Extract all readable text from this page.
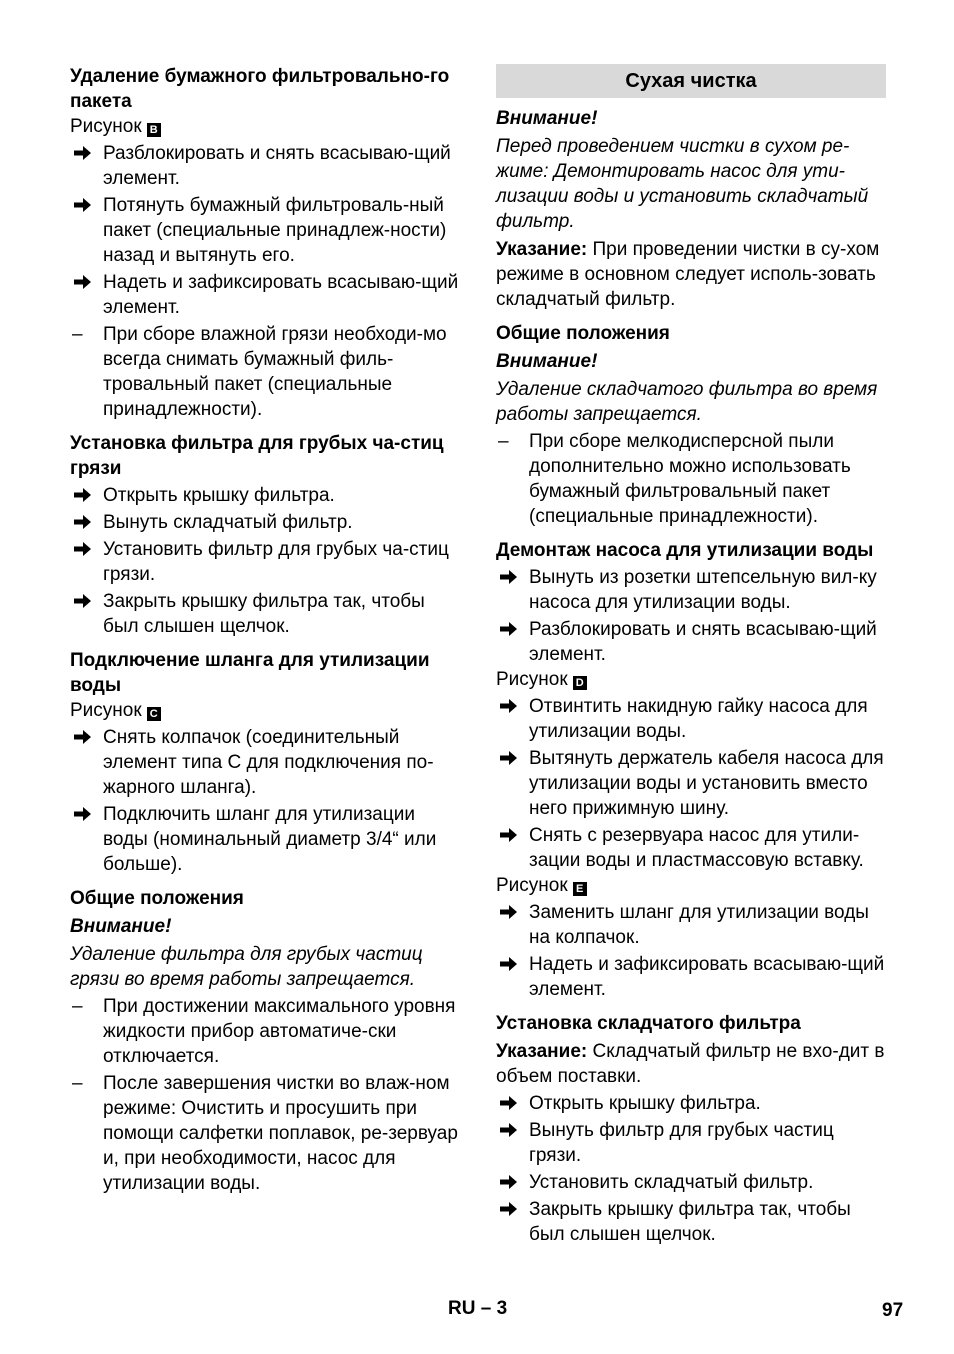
Удаление бумажного фильтровально-го пакета
Рисунок B
Разблокировать и снять всасываю-щий элемент.
Потянуть бумажный фильтроваль-ный пакет (специальные принадлеж-ности) назад и вытянуть его.
Надеть и зафиксировать всасываю-щий элемент.
–	При сборе влажной грязи необходи-мо всегда снимать бумажный филь-тровальный пакет (специальные принадлежности).
Установка фильтра для грубых ча-стиц грязи
Открыть крышку фильтра.
Вынуть складчатый фильтр.
Установить фильтр для грубых ча-стиц грязи.
Закрыть крышку фильтра так, чтобы был слышен щелчок.
Подключение шланга для утилизации воды
Рисунок C
Снять колпачок (соединительный элемент типа C для подключения по-жарного шланга).
Подключить шланг для утилизации воды (номинальный диаметр 3/4“ или больше).
Общие положения
Внимание!
Удаление фильтра для грубых частиц грязи во время работы запрещается.
–	При достижении максимального уровня жидкости прибор автоматиче-ски отключается.
–	После завершения чистки во влаж-ном режиме: Очистить и просушить при помощи салфетки поплавок, ре-зервуар и, при необходимости, насос для утилизации воды.
Сухая чистка
Внимание!
Перед проведением чистки в сухом ре-жиме: Демонтировать насос для ути-лизации воды и установить складчатый фильтр.
Указание: При проведении чистки в су-хом режиме в основном следует исполь-зовать складчатый фильтр.
Общие положения
Внимание!
Удаление складчатого фильтра во время работы запрещается.
–	При сборе мелкодисперсной пыли дополнительно можно использовать бумажный фильтровальный пакет (специальные принадлежности).
Демонтаж насоса для утилизации воды
Вынуть из розетки штепсельную вил-ку насоса для утилизации воды.
Разблокировать и снять всасываю-щий элемент.
Рисунок D
Отвинтить накидную гайку насоса для утилизации воды.
Вытянуть держатель кабеля насоса для утилизации воды и установить вместо него прижимную шину.
Снять с резервуара насос для утили-зации воды и пластмассовую вставку.
Рисунок E
Заменить шланг для утилизации воды на колпачок.
Надеть и зафиксировать всасываю-щий элемент.
Установка складчатого фильтра
Указание: Складчатый фильтр не вхо-дит в объем поставки.
Открыть крышку фильтра.
Вынуть фильтр для грубых частиц грязи.
Установить складчатый фильтр.
Закрыть крышку фильтра так, чтобы был слышен щелчок.
RU – 3	97
